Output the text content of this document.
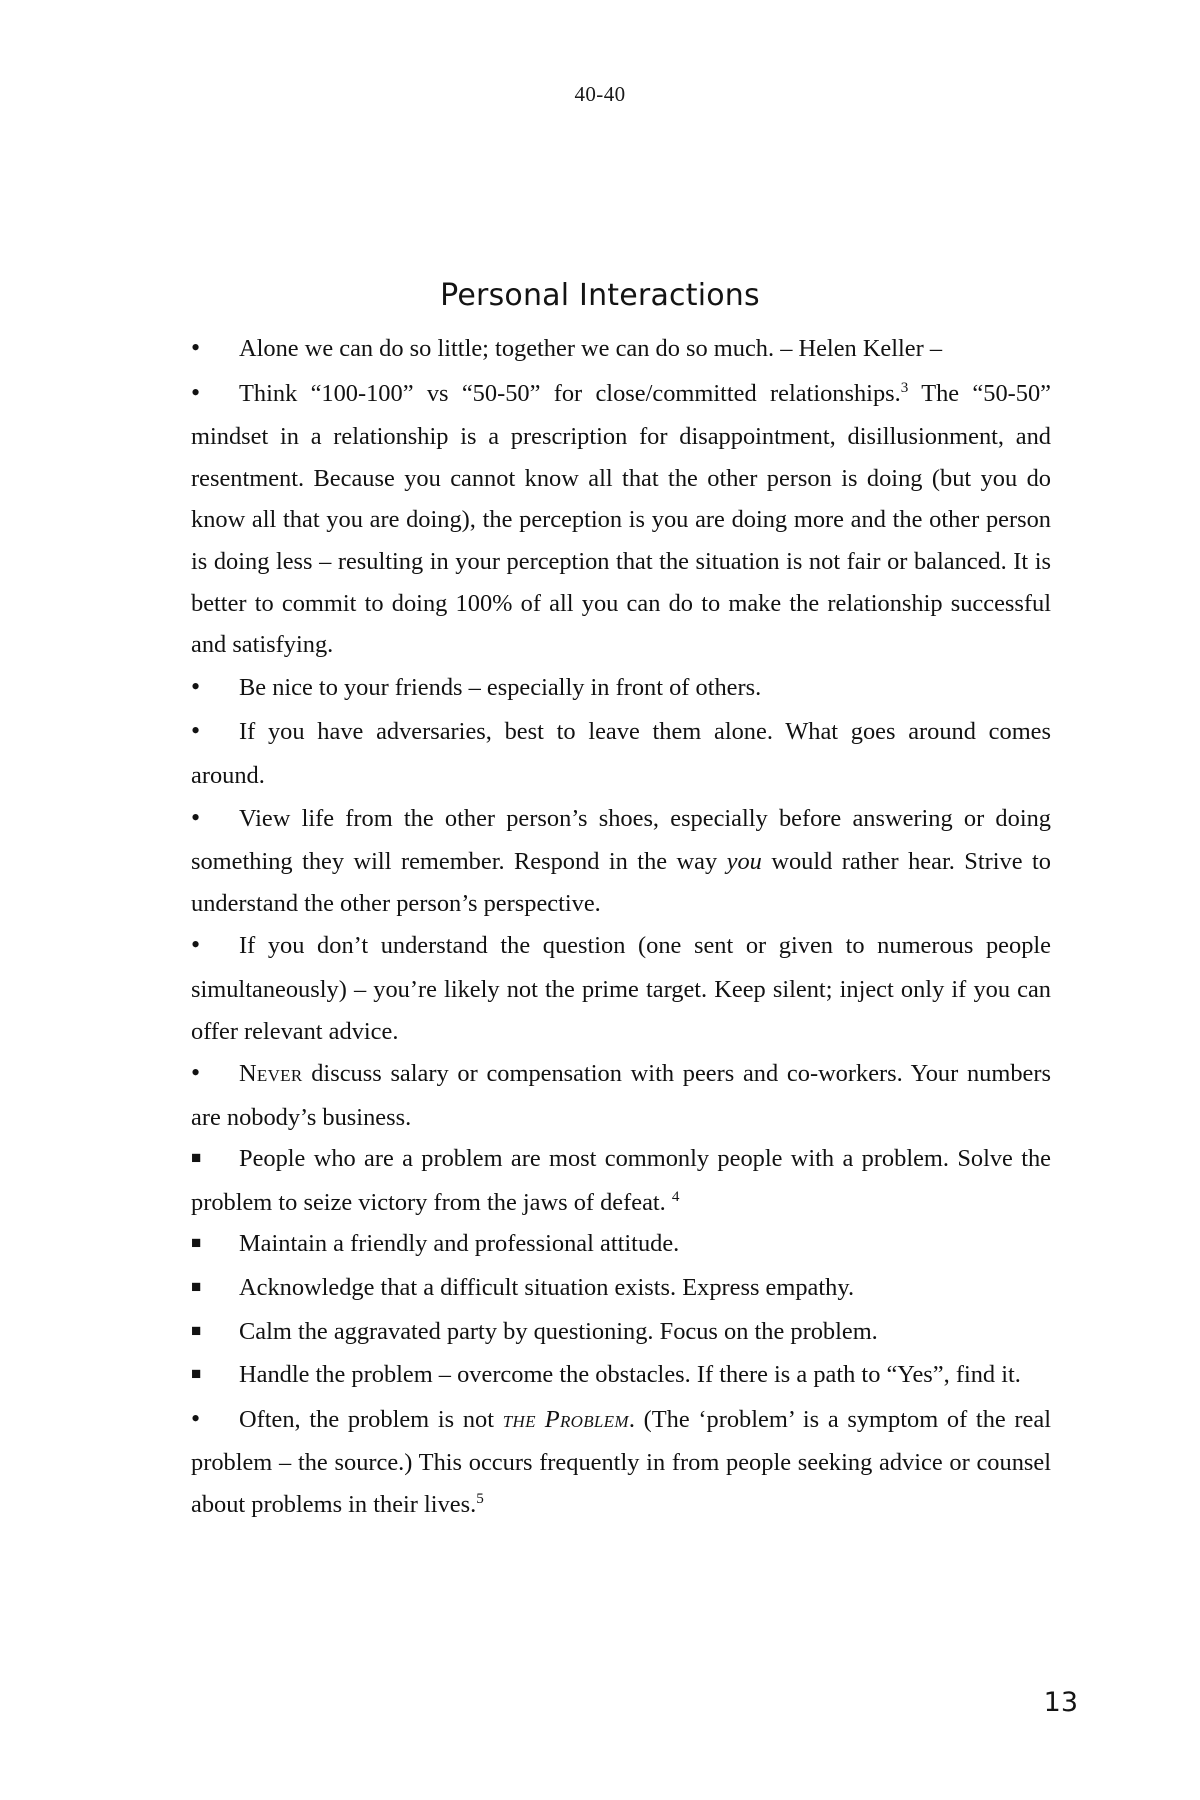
40-40
Personal Interactions

•Alone we can do so little; together we can do so much. – Helen Keller –

•Think “100-100” vs “50-50” for close/committed relationships.$^3$ The “50-50” mindset in a relationship is a prescription for disappointment, disillusionment, and resentment. Because you cannot know all that the other person is doing (but you do know all that you are doing), the perception is you are doing more and the other person is doing less – resulting in your perception that the situation is not fair or balanced. It is better to commit to doing 100% of all you can do to make the relationship successful and satisfying.

•Be nice to your friends – especially in front of others.

•If you have adversaries, best to leave them alone. What goes around comes around.

•View life from the other person’s shoes, especially before answering or doing something they will remember. Respond in the way you would rather hear. Strive to understand the other person’s perspective.

•If you don’t understand the question (one sent or given to numerous people simultaneously) – you’re likely not the prime target. Keep silent; inject only if you can offer relevant advice.

•Never discuss salary or compensation with peers and co-workers. Your numbers are nobody’s business.

■People who are a problem are most commonly people with a problem. Solve the problem to seize victory from the jaws of defeat. $^4$

■Maintain a friendly and professional attitude.

■Acknowledge that a difficult situation exists. Express empathy.

■Calm the aggravated party by questioning. Focus on the problem.

■Handle the problem – overcome the obstacles. If there is a path to “Yes”, find it.

•Often, the problem is not the Problem. (The ‘problem’ is a symptom of the real problem – the source.) This occurs frequently in from people seeking advice or counsel about problems in their lives.$^5$

13
